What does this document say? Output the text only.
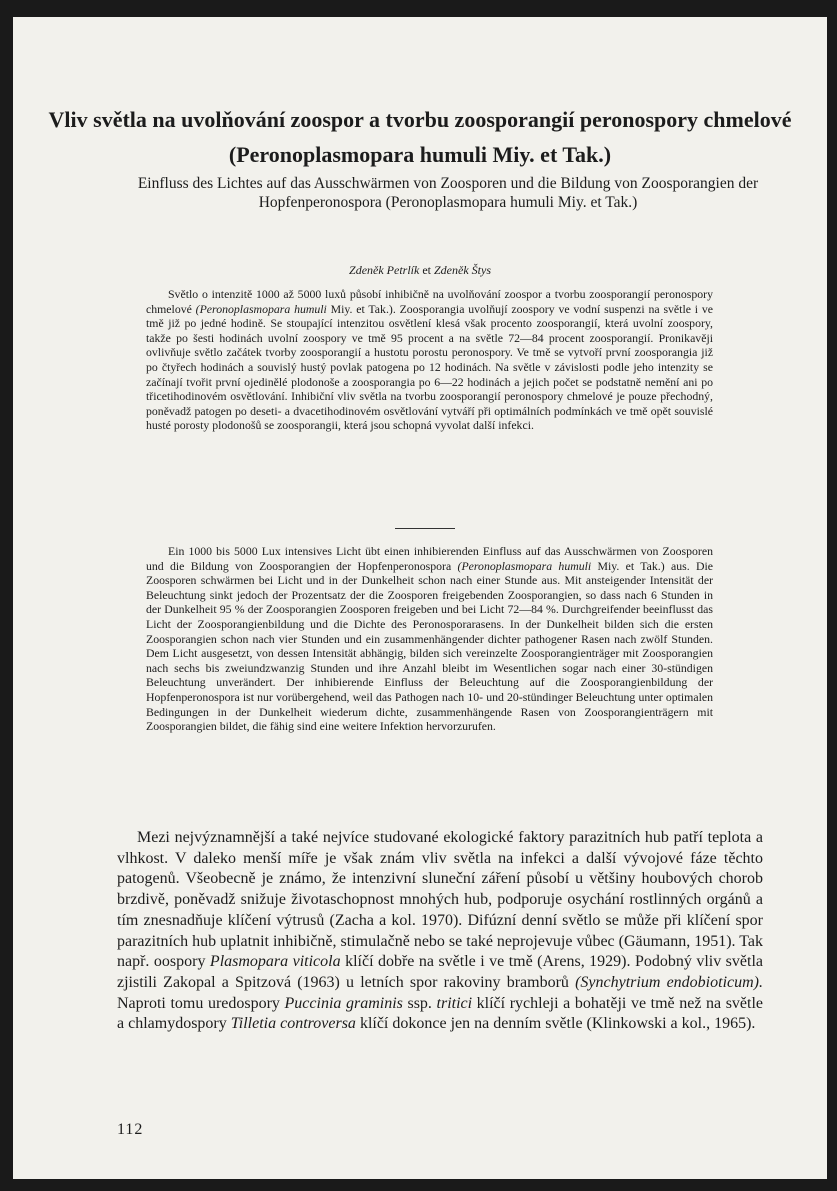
Vliv světla na uvolňování zoospor a tvorbu zoosporangií peronospory chmelové (Peronoplasmopara humuli Miy. et Tak.)
Einfluss des Lichtes auf das Ausschwärmen von Zoosporen und die Bildung von Zoosporangien der Hopfenperonospora (Peronoplasmopara humuli Miy. et Tak.)
Zdeněk Petrlík et Zdeněk Štys

Světlo o intenzitě 1000 až 5000 luxů působí inhibičně na uvolňování zoospor a tvorbu zoosporangií peronospory chmelové (Peronoplasmopara humuli Miy. et Tak.). Zoosporangia uvolňují zoospory ve vodní suspenzi na světle i ve tmě již po jedné hodině. Se stoupající intenzitou osvětlení klesá však procento zoosporangií, která uvolní zoospory, takže po šesti hodinách uvolní zoospory ve tmě 95 procent a na světle 72—84 procent zoosporangií. Pronikavěji ovlivňuje světlo začátek tvorby zoosporangií a hustotu porostu peronospory. Ve tmě se vytvoří první zoosporangia již po čtyřech hodinách a souvislý hustý povlak patogena po 12 hodinách. Na světle v závislosti podle jeho intenzity se začínají tvořit první ojedinělé plodonoše a zoosporangia po 6—22 hodinách a jejich počet se podstatně nemění ani po třicetihodinovém osvětlování. Inhibiční vliv světla na tvorbu zoosporangií peronospory chmelové je pouze přechodný, poněvadž patogen po deseti- a dvacetihodinovém osvětlování vytváří při optimálních podmínkách ve tmě opět souvislé husté porosty plodonošů se zoosporangii, která jsou schopná vyvolat další infekci.

Ein 1000 bis 5000 Lux intensives Licht übt einen inhibierenden Einfluss auf das Ausschwärmen von Zoosporen und die Bildung von Zoosporangien der Hopfenperonospora (Peronoplasmopara humuli Miy. et Tak.) aus. Die Zoosporen schwärmen bei Licht und in der Dunkelheit schon nach einer Stunde aus. Mit ansteigender Intensität der Beleuchtung sinkt jedoch der Prozentsatz der die Zoosporen freigebenden Zoosporangien, so dass nach 6 Stunden in der Dunkelheit 95 % der Zoosporangien Zoosporen freigeben und bei Licht 72—84 %. Durchgreifender beeinflusst das Licht der Zoosporangienbildung und die Dichte des Peronosporarasens. In der Dunkelheit bilden sich die ersten Zoosporangien schon nach vier Stunden und ein zusammenhängender dichter pathogener Rasen nach zwölf Stunden. Dem Licht ausgesetzt, von dessen Intensität abhängig, bilden sich vereinzelte Zoosporangienträger mit Zoosporangien nach sechs bis zweiundzwanzig Stunden und ihre Anzahl bleibt im Wesentlichen sogar nach einer 30-stündigen Beleuchtung unverändert. Der inhibierende Einfluss der Beleuchtung auf die Zoosporangienbildung der Hopfenperonospora ist nur vorübergehend, weil das Pathogen nach 10- und 20-stündinger Beleuchtung unter optimalen Bedingungen in der Dunkelheit wiederum dichte, zusammenhängende Rasen von Zoosporangienträgern mit Zoosporangien bildet, die fähig sind eine weitere Infektion hervorzurufen.

Mezi nejvýznamnější a také nejvíce studované ekologické faktory parazitních hub patří teplota a vlhkost. V daleko menší míře je však znám vliv světla na infekci a další vývojové fáze těchto patogenů. Všeobecně je známo, že intenzivní sluneční záření působí u většiny houbových chorob brzdivě, poněvadž snižuje životaschopnost mnohých hub, podporuje osychání rostlinných orgánů a tím znesnadňuje klíčení výtrusů (Zacha a kol. 1970). Difúzní denní světlo se může při klíčení spor parazitních hub uplatnit inhibičně, stimulačně nebo se také neprojevuje vůbec (Gäumann, 1951). Tak např. oospory Plasmopara viticola klíčí dobře na světle i ve tmě (Arens, 1929). Podobný vliv světla zjistili Zakopal a Spitzová (1963) u letních spor rakoviny bramborů (Synchytrium endobioticum). Naproti tomu uredospory Puccinia graminis ssp. tritici klíčí rychleji a bohatěji ve tmě než na světle a chlamydospory Tilletia controversa klíčí dokonce jen na denním světle (Klinkowski a kol., 1965).

112
